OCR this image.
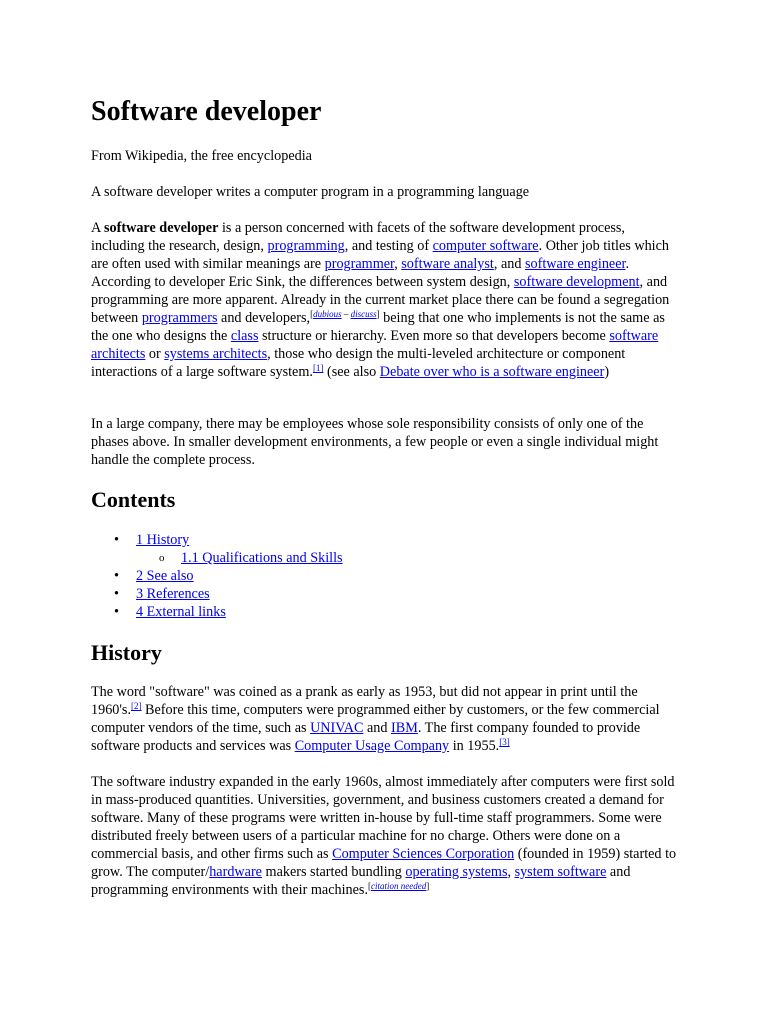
Software developer

From Wikipedia, the free encyclopedia

A software developer writes a computer program in a programming language

A software developer is a person concerned with facets of the software development process, including the research, design, programming, and testing of computer software. Other job titles which are often used with similar meanings are programmer, software analyst, and software engineer. According to developer Eric Sink, the differences between system design, software development, and programming are more apparent. Already in the current market place there can be found a segregation between programmers and developers,[dubious – discuss] being that one who implements is not the same as the one who designs the class structure or hierarchy. Even more so that developers become software architects or systems architects, those who design the multi-leveled architecture or component interactions of a large software system.[1] (see also Debate over who is a software engineer)

In a large company, there may be employees whose sole responsibility consists of only one of the phases above. In smaller development environments, a few people or even a single individual might handle the complete process.

Contents
• 1 History
o 1.1 Qualifications and Skills
• 2 See also
• 3 References
• 4 External links
History

The word "software" was coined as a prank as early as 1953, but did not appear in print until the 1960's.[2] Before this time, computers were programmed either by customers, or the few commercial computer vendors of the time, such as UNIVAC and IBM. The first company founded to provide software products and services was Computer Usage Company in 1955.[3]

The software industry expanded in the early 1960s, almost immediately after computers were first sold in mass-produced quantities. Universities, government, and business customers created a demand for software. Many of these programs were written in-house by full-time staff programmers. Some were distributed freely between users of a particular machine for no charge. Others were done on a commercial basis, and other firms such as Computer Sciences Corporation (founded in 1959) started to grow. The computer/hardware makers started bundling operating systems, system software and programming environments with their machines.[citation needed]
